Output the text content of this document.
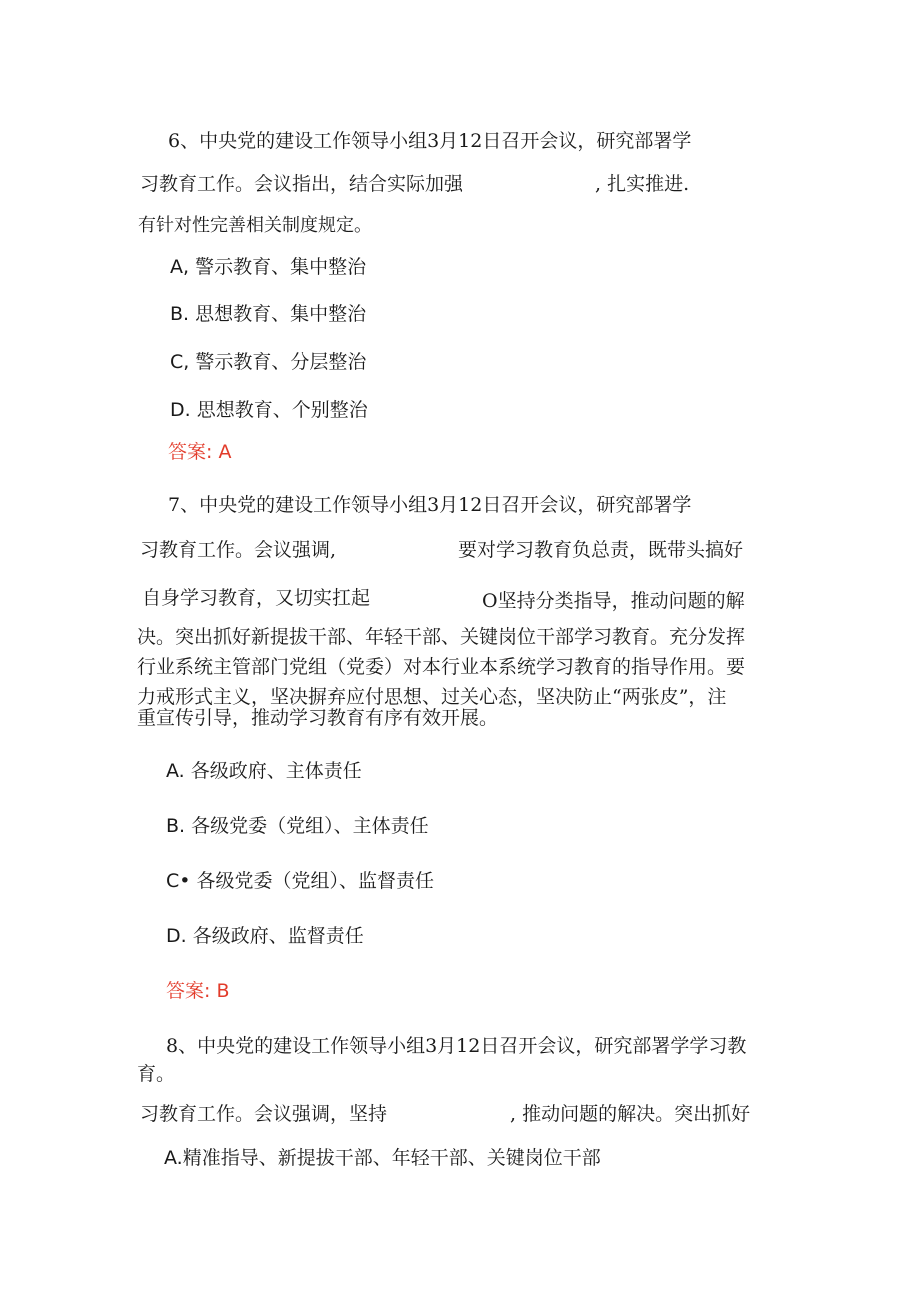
6、中央党的建设工作领导小组3月12日召开会议，研究部署学
习教育工作。会议指出，结合实际加强	, 扎实推进.
有针对性完善相关制度规定。
A, 警示教育、集中整治
B. 思想教育、集中整治
C, 警示教育、分层整治
D. 思想教育、个别整治
答案: A
7、中央党的建设工作领导小组3月12日召开会议，研究部署学
习教育工作。会议强调,	要对学习教育负总责，既带头搞好
自身学习教育，又切实扛起	O坚持分类指导，推动问题的解
决。突出抓好新提拔干部、年轻干部、关键岗位干部学习教育。充分发挥
行业系统主管部门党组（党委）对本行业本系统学习教育的指导作用。要
力戒形式主义，坚决摒弃应付思想、过关心态，坚决防止“两张皮”，注
重宣传引导，推动学习教育有序有效开展。
A. 各级政府、主体责任
B. 各级党委（党组）、主体责任
C• 各级党委（党组）、监督责任
D. 各级政府、监督责任
答案: B
8、中央党的建设工作领导小组3月12日召开会议，研究部署学学习教
育。
习教育工作。会议强调，坚持	, 推动问题的解决。突出抓好
A.精准指导、新提拔干部、年轻干部、关键岗位干部
